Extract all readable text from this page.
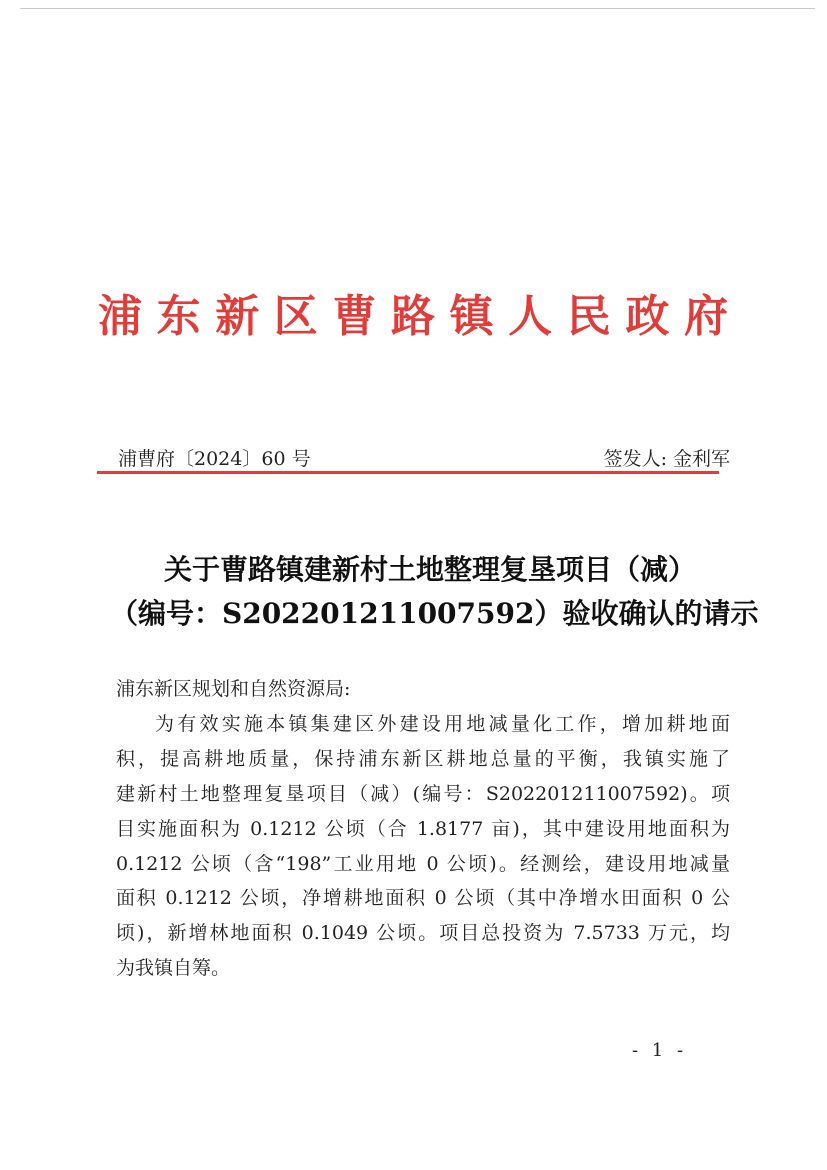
浦 东 新 区 曹 路 镇 人 民 政 府
浦曹府〔2024〕60 号	签发人: 金利军
关于曹路镇建新村土地整理复垦项目（减）
（编号：S202201211007592）验收确认的请示
浦东新区规划和自然资源局:
为有效实施本镇集建区外建设用地减量化工作，增加耕地面
积，提高耕地质量，保持浦东新区耕地总量的平衡，我镇实施了
建新村土地整理复垦项目（减）(编号：S202201211007592)。项
目实施面积为 0.1212 公顷（合 1.8177 亩)，其中建设用地面积为
0.1212 公顷（含“198”工业用地 0 公顷)。经测绘，建设用地减量
面积 0.1212 公顷，净增耕地面积 0 公顷（其中净增水田面积 0 公
顷)，新增林地面积 0.1049 公顷。项目总投资为 7.5733 万元，均
为我镇自筹。
- 1 -
